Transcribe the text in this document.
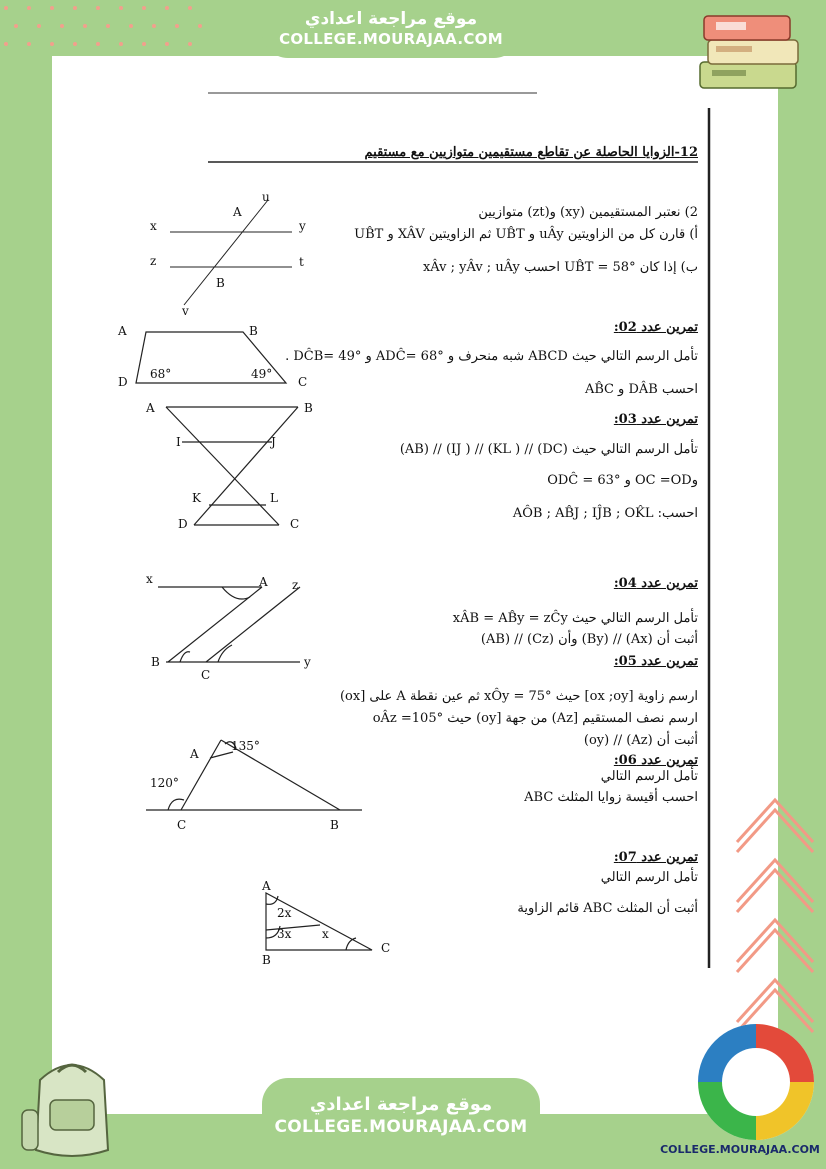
موقع مراجعة اعدادي
COLLEGE.MOURAJAA.COM
موقع مراجعة اعدادي
COLLEGE.MOURAJAA.COM
COLLEGE.MOURAJAA.COM
12-الزوايا الحاصلة عن تقاطع مستقيمين متوازيين مع مستقيم
2) نعتبر المستقيمين (xy) و(zt) متوازيين
أ) قارن كل من الزاويتين uÂy و UB̂T ثم الزاويتين XÂV و UB̂T
ب) إذا كان UB̂T = 58° احسب xÂv ; yÂv ; uÂy
u
A
x	y
z	t
B
v
تمرين عدد 02:
تأمل الرسم التالي حيث ABCD شبه منحرف و ADĈ= 68° و DĈB= 49° .
احسب DÂB و AB̂C
A	B
C
D
68°	49°
تمرين عدد 03:
تأمل الرسم التالي حيث (DC) // ( KL) // ( IJ) // (AB)
وOC =OD و ODĈ = 63°
احسب: AÔB ; AB̂J ; IĴB ; OK̂L
A	B
I	J
K	L
D	C
تمرين عدد 04:
تأمل الرسم التالي حيث xÂB = AB̂y = zĈy
أثبت أن (Ax) // (By) وأن (Cz) // (AB)
x	A z
B
C
y	تمرين عدد 05:
ارسم زاوية [ox ;oy] حيث xÔy = 75° ثم عين نقطة A على [ox)
ارسم نصف المستقيم [Az) من جهة [oy) حيث oÂz =105°
أثبت أن (Az) // (oy)
تمرين عدد 06:
تأمل الرسم التالي
احسب أقيسة زوايا المثلث ABC
A
135°
120°
C	B
تمرين عدد 07:
تأمل الرسم التالي
أثبت أن المثلث ABC قائم الزاوية
A
2x
3x	x
C
B
